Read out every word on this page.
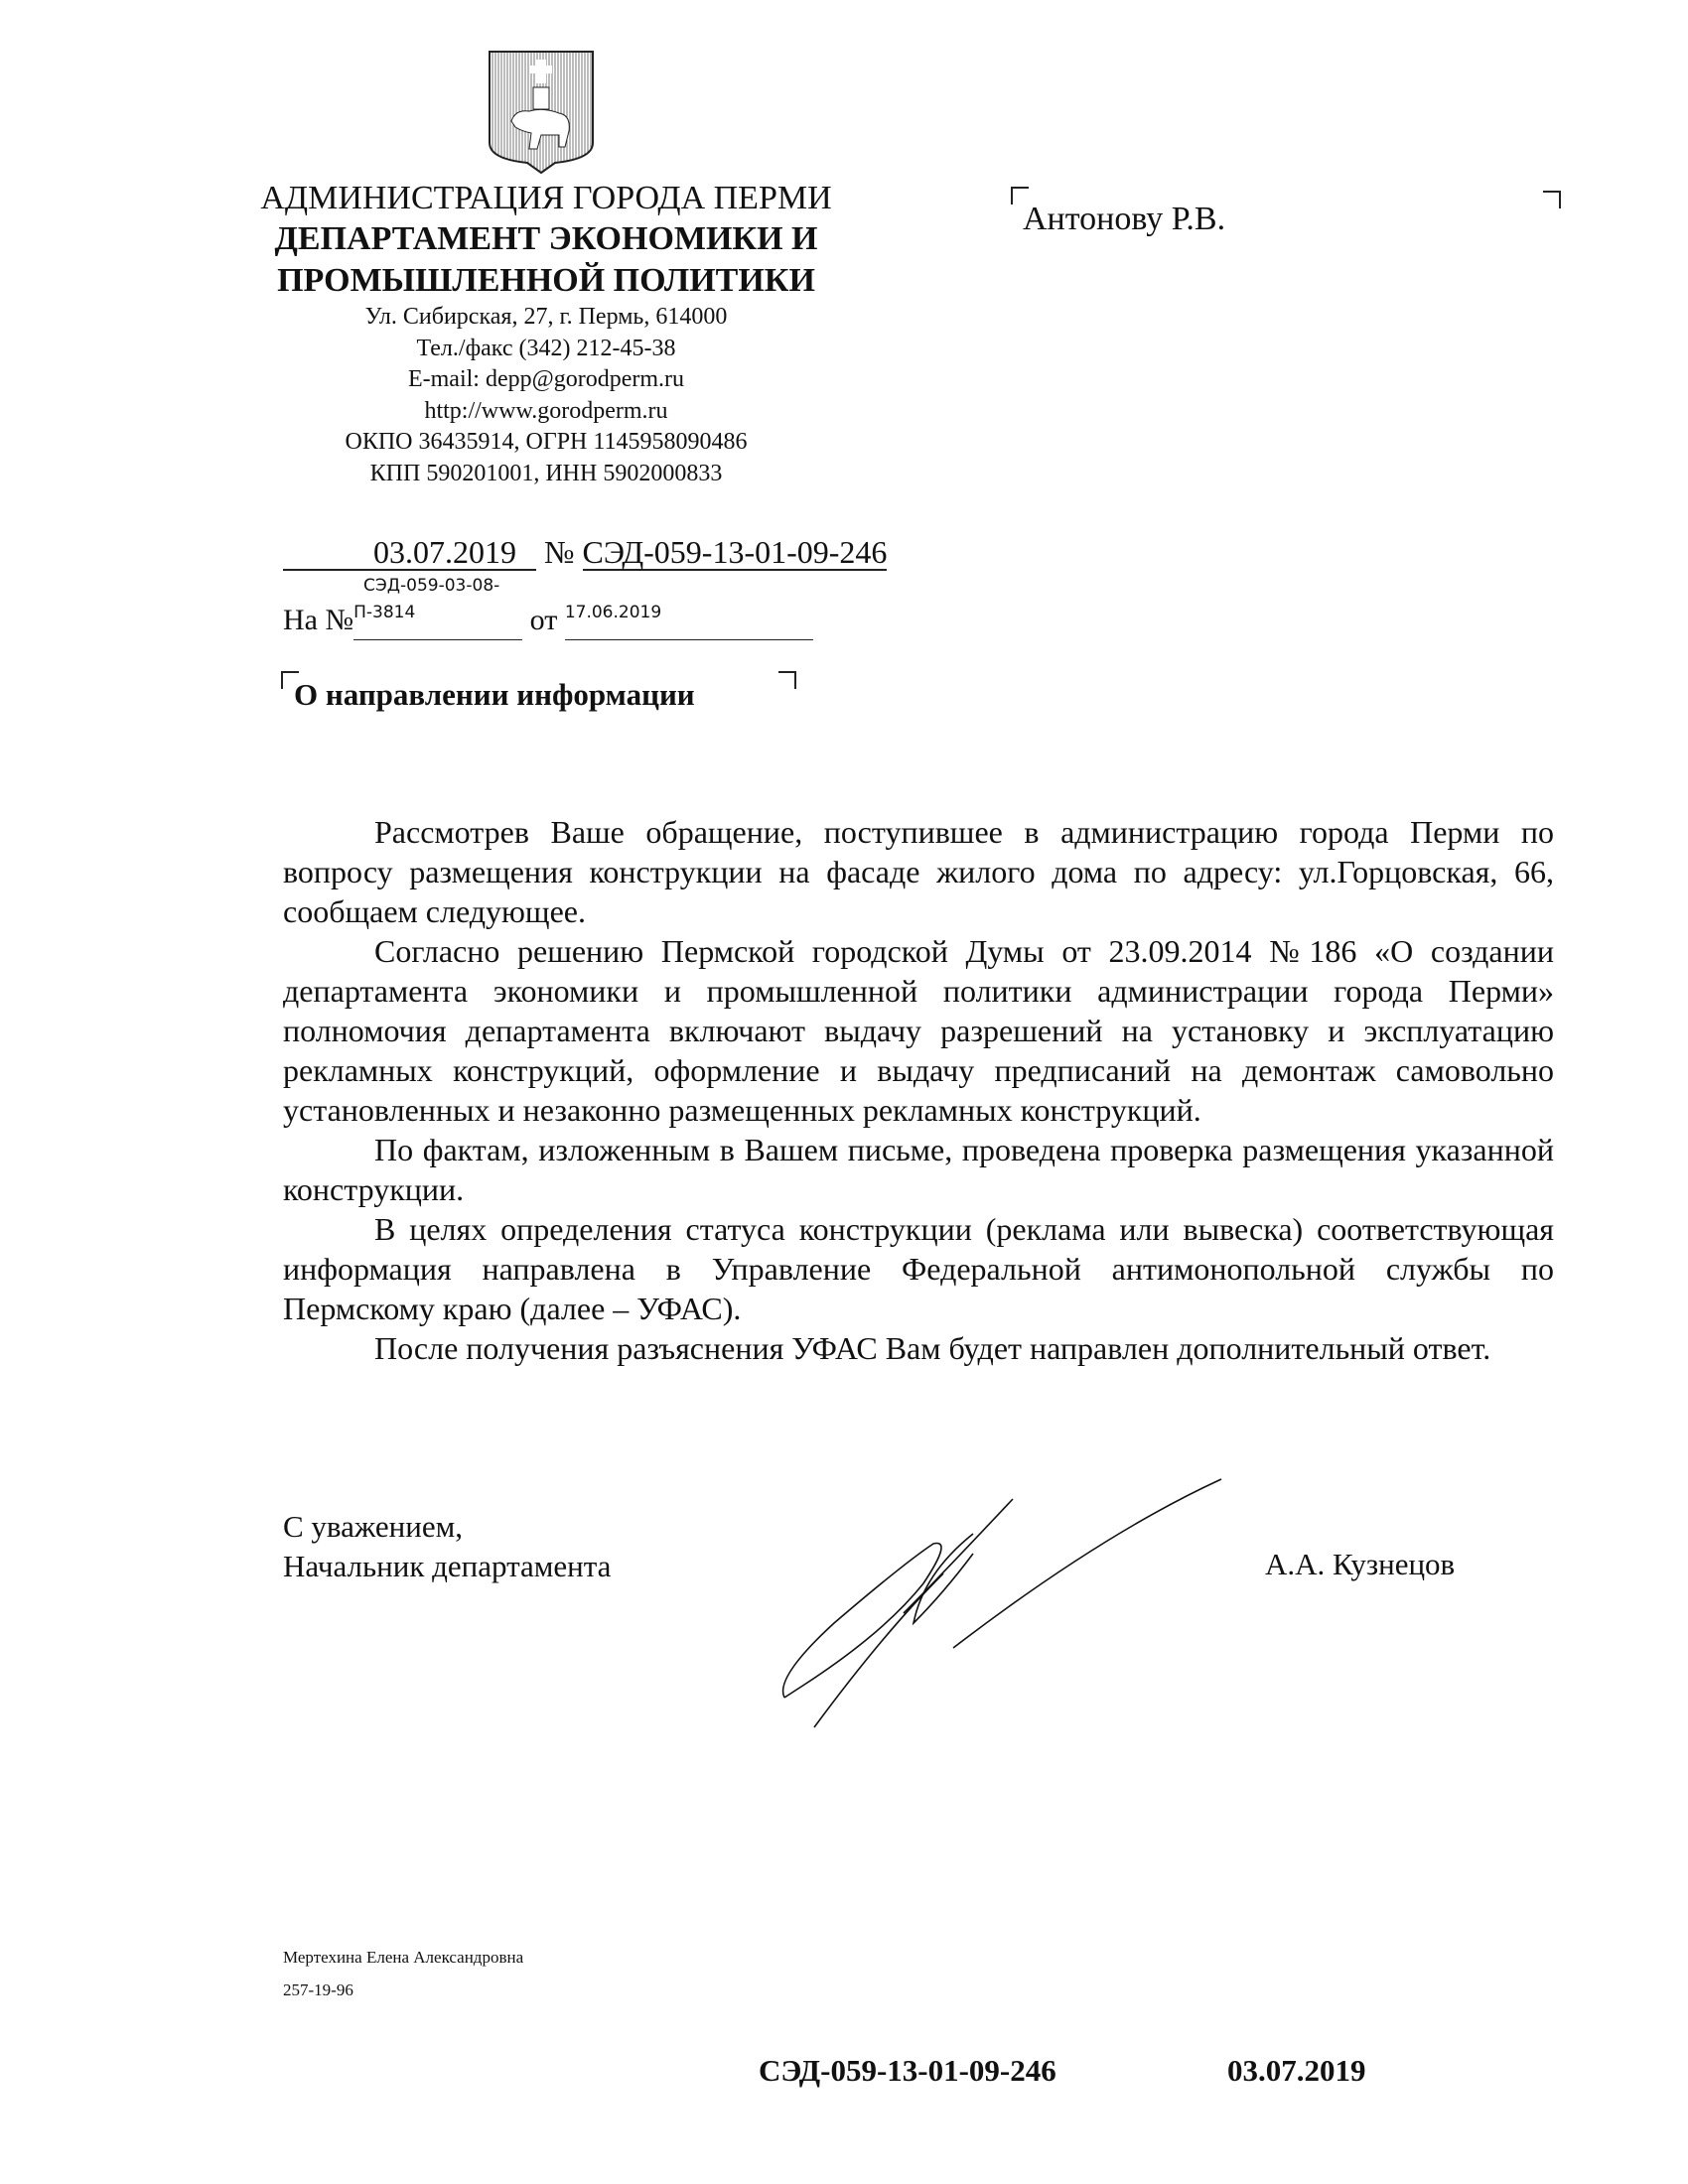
АДМИНИСТРАЦИЯ ГОРОДА ПЕРМИ
ДЕПАРТАМЕНТ ЭКОНОМИКИ И
ПРОМЫШЛЕННОЙ ПОЛИТИКИ
Ул. Сибирская, 27, г. Пермь, 614000
Тел./факс (342) 212-45-38
E-mail: depp@gorodperm.ru
http://www.gorodperm.ru
ОКПО 36435914, ОГРН 1145958090486
КПП 590201001, ИНН 5902000833
Антонову Р.В.
03.07.2019 № СЭД-059-13-01-09-246
СЭД-059-03-08-
На №$^{П-3814}$	от $^{17.06.2019}$
О направлении информации

Рассмотрев Ваше обращение, поступившее в администрацию города Перми по вопросу размещения конструкции на фасаде жилого дома по адресу: ул.Горцовская, 66, сообщаем следующее.

Согласно решению Пермской городской Думы от 23.09.2014 №186 «О создании департамента экономики и промышленной политики администрации города Перми» полномочия департамента включают выдачу разрешений на установку и эксплуатацию рекламных конструкций, оформление и выдачу предписаний на демонтаж самовольно установленных и незаконно размещенных рекламных конструкций.

По фактам, изложенным в Вашем письме, проведена проверка размещения указанной конструкции.

В целях определения статуса конструкции (реклама или вывеска) соответствующая информация направлена в Управление Федеральной антимонопольной службы по Пермскому краю (далее – УФАС).

После получения разъяснения УФАС Вам будет направлен дополнительный ответ.

С уважением,
Начальник департамента	А.А. Кузнецов
Мертехина Елена Александровна
257-19-96
СЭД-059-13-01-09-246	03.07.2019
